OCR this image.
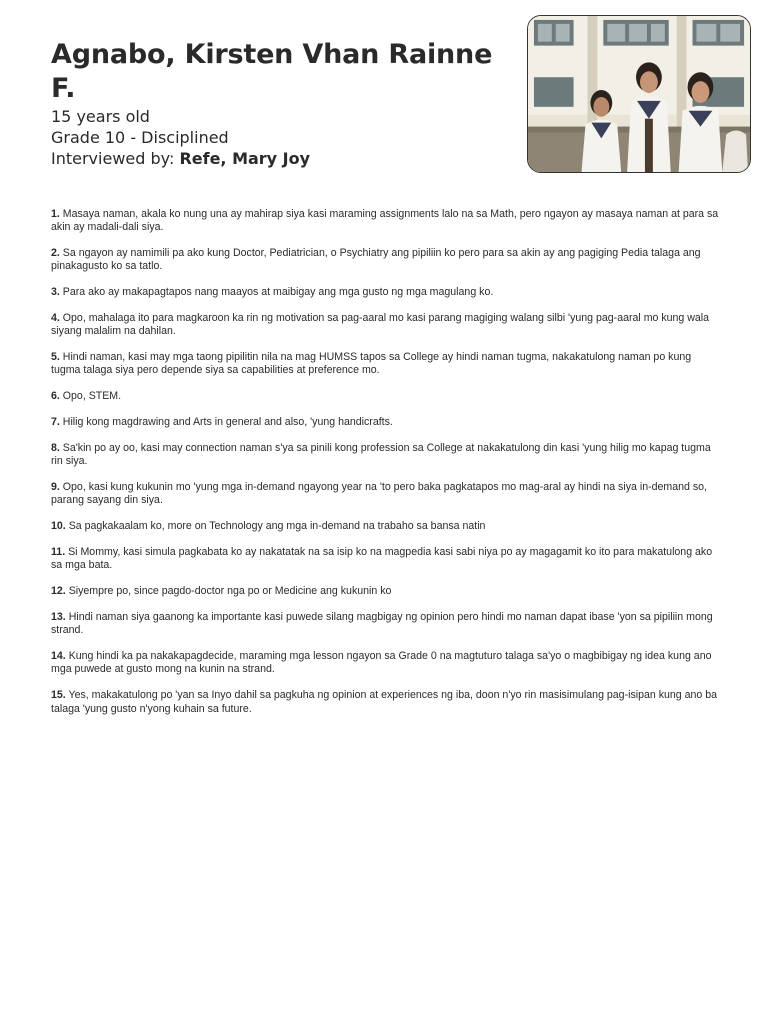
Agnabo, Kirsten Vhan Rainne F.

15 years old

Grade 10 - Disciplined

Interviewed by: Refe, Mary Joy

1. Masaya naman, akala ko nung una ay mahirap siya kasi maraming assignments lalo na sa Math, pero ngayon ay masaya naman at para sa akin ay madali-dali siya.

2. Sa ngayon ay namimili pa ako kung Doctor, Pediatrician, o Psychiatry ang pipiliin ko pero para sa akin ay ang pagiging Pedia talaga ang pinakagusto ko sa tatlo.

3. Para ako ay makapagtapos nang maayos at maibigay ang mga gusto ng mga magulang ko.

4. Opo, mahalaga ito para magkaroon ka rin ng motivation sa pag-aaral mo kasi parang magiging walang silbi 'yung pag-aaral mo kung wala siyang malalim na dahilan.

5. Hindi naman, kasi may mga taong pipilitin nila na mag HUMSS tapos sa College ay hindi naman tugma, nakakatulong naman po kung tugma talaga siya pero depende siya sa capabilities at preference mo.

6. Opo, STEM.

7. Hilig kong magdrawing and Arts in general and also, 'yung handicrafts.

8. Sa'kin po ay oo, kasi may connection naman s'ya sa pinili kong profession sa College at nakakatulong din kasi 'yung hilig mo kapag tugma rin siya.

9. Opo, kasi kung kukunin mo 'yung mga in-demand ngayong year na 'to pero baka pagkatapos mo mag-aral ay hindi na siya in-demand so, parang sayang din siya.

10. Sa pagkakaalam ko, more on Technology ang mga in-demand na trabaho sa bansa natin

11. Si Mommy, kasi simula pagkabata ko ay nakatatak na sa isip ko na magpedia kasi sabi niya po ay magagamit ko ito para makatulong ako sa mga bata.

12. Siyempre po, since pagdo-doctor nga po or Medicine ang kukunin ko

13. Hindi naman siya gaanong ka importante kasi puwede silang magbigay ng opinion pero hindi mo naman dapat ibase 'yon sa pipiliin mong strand.

14. Kung hindi ka pa nakakapagdecide, maraming mga lesson ngayon sa Grade 0 na magtuturo talaga sa'yo o magbibigay ng idea kung ano mga puwede at gusto mong na kunin na strand.

15. Yes, makakatulong po 'yan sa Inyo dahil sa pagkuha ng opinion at experiences ng iba, doon n'yo rin masisimulang pag-isipan kung ano ba talaga 'yung gusto n'yong kuhain sa future.
